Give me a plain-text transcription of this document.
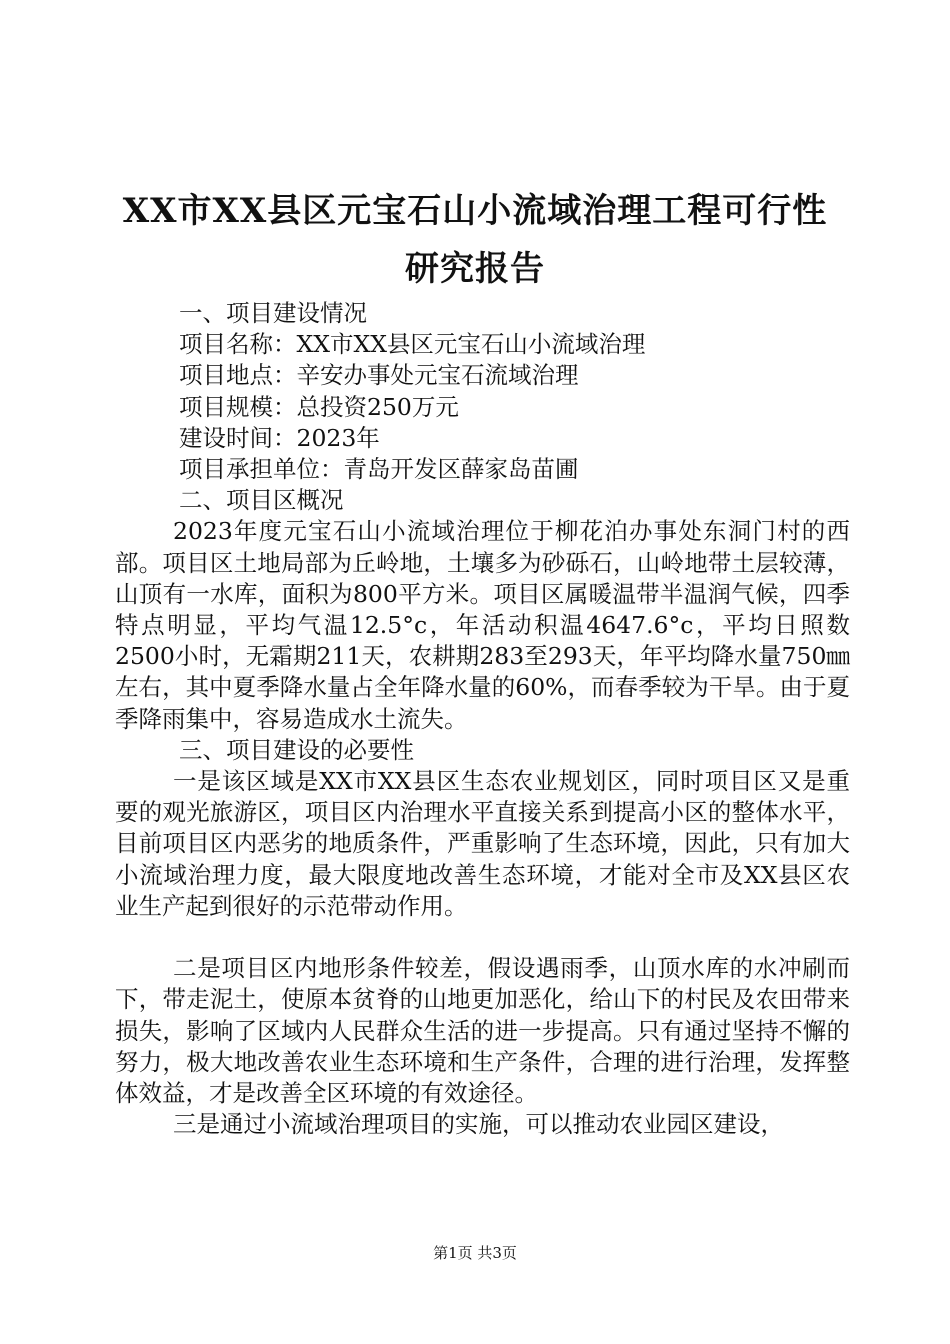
XX市XX县区元宝石山小流域治理工程可行性
研究报告

一、项目建设情况

项目名称：XX市XX县区元宝石山小流域治理

项目地点：辛安办事处元宝石流域治理

项目规模：总投资250万元

建设时间：2023年

项目承担单位：青岛开发区薛家岛苗圃

二、项目区概况

2023年度元宝石山小流域治理位于柳花泊办事处东洞门村的西部。项目区土地局部为丘岭地，土壤多为砂砾石，山岭地带土层较薄，山顶有一水库，面积为800平方米。项目区属暖温带半温润气候，四季特点明显，平均气温12.5°c，年活动积温4647.6°c，平均日照数2500小时，无霜期211天，农耕期283至293天，年平均降水量750㎜左右，其中夏季降水量占全年降水量的60%，而春季较为干旱。由于夏季降雨集中，容易造成水土流失。

三、项目建设的必要性

一是该区域是XX市XX县区生态农业规划区，同时项目区又是重要的观光旅游区，项目区内治理水平直接关系到提高小区的整体水平，目前项目区内恶劣的地质条件，严重影响了生态环境，因此，只有加大小流域治理力度，最大限度地改善生态环境，才能对全市及XX县区农业生产起到很好的示范带动作用。

二是项目区内地形条件较差，假设遇雨季，山顶水库的水冲刷而下，带走泥土，使原本贫脊的山地更加恶化，给山下的村民及农田带来损失，影响了区域内人民群众生活的进一步提高。只有通过坚持不懈的努力，极大地改善农业生态环境和生产条件，合理的进行治理，发挥整体效益，才是改善全区环境的有效途径。

三是通过小流域治理项目的实施，可以推动农业园区建设，

第1页 共3页
